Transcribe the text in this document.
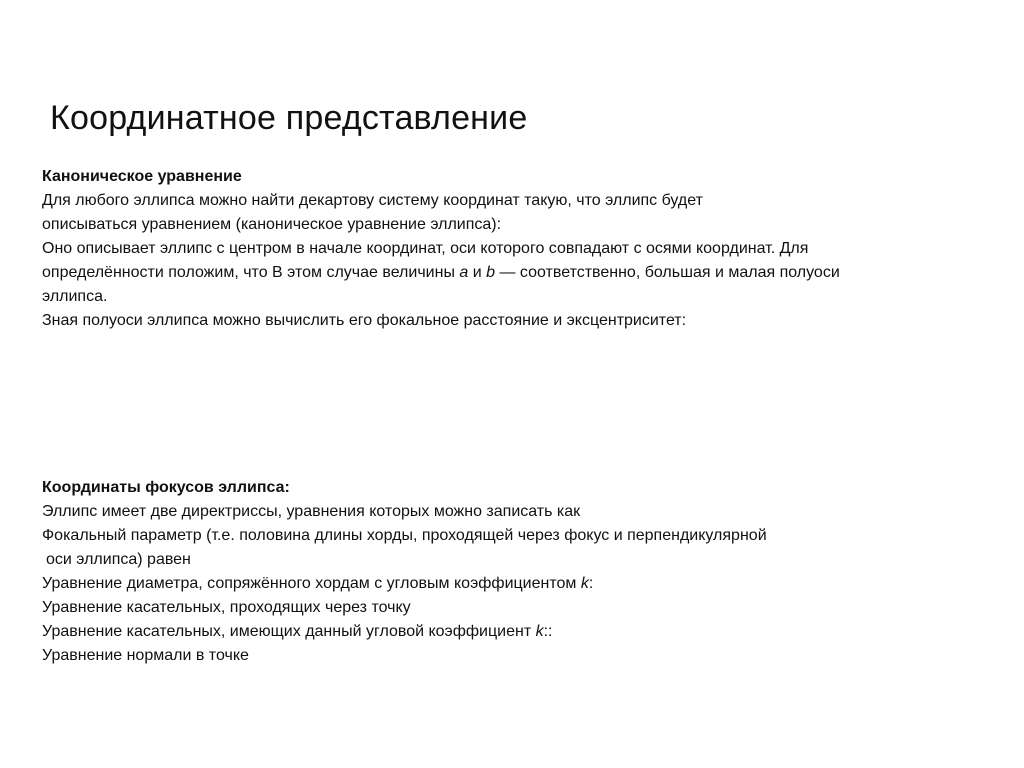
Координатное представление
Каноническое уравнение
Для любого эллипса можно найти декартову систему координат такую, что эллипс будет
описываться уравнением (каноническое уравнение эллипса):
Оно описывает эллипс с центром в начале координат, оси которого совпадают с осями координат. Для
определённости положим, что В этом случае величины a и b — соответственно, большая и малая полуоси
эллипса.
Зная полуоси эллипса можно вычислить его фокальное расстояние и эксцентриситет:
Координаты фокусов эллипса:
Эллипс имеет две директриссы, уравнения которых можно записать как
Фокальный параметр (т.е. половина длины хорды, проходящей через фокус и перпендикулярной
оси эллипса) равен
Уравнение диаметра, сопряжённого хордам с угловым коэффициентом k:
Уравнение касательных, проходящих через точку
Уравнение касательных, имеющих данный угловой коэффициент k::
Уравнение нормали в точке
